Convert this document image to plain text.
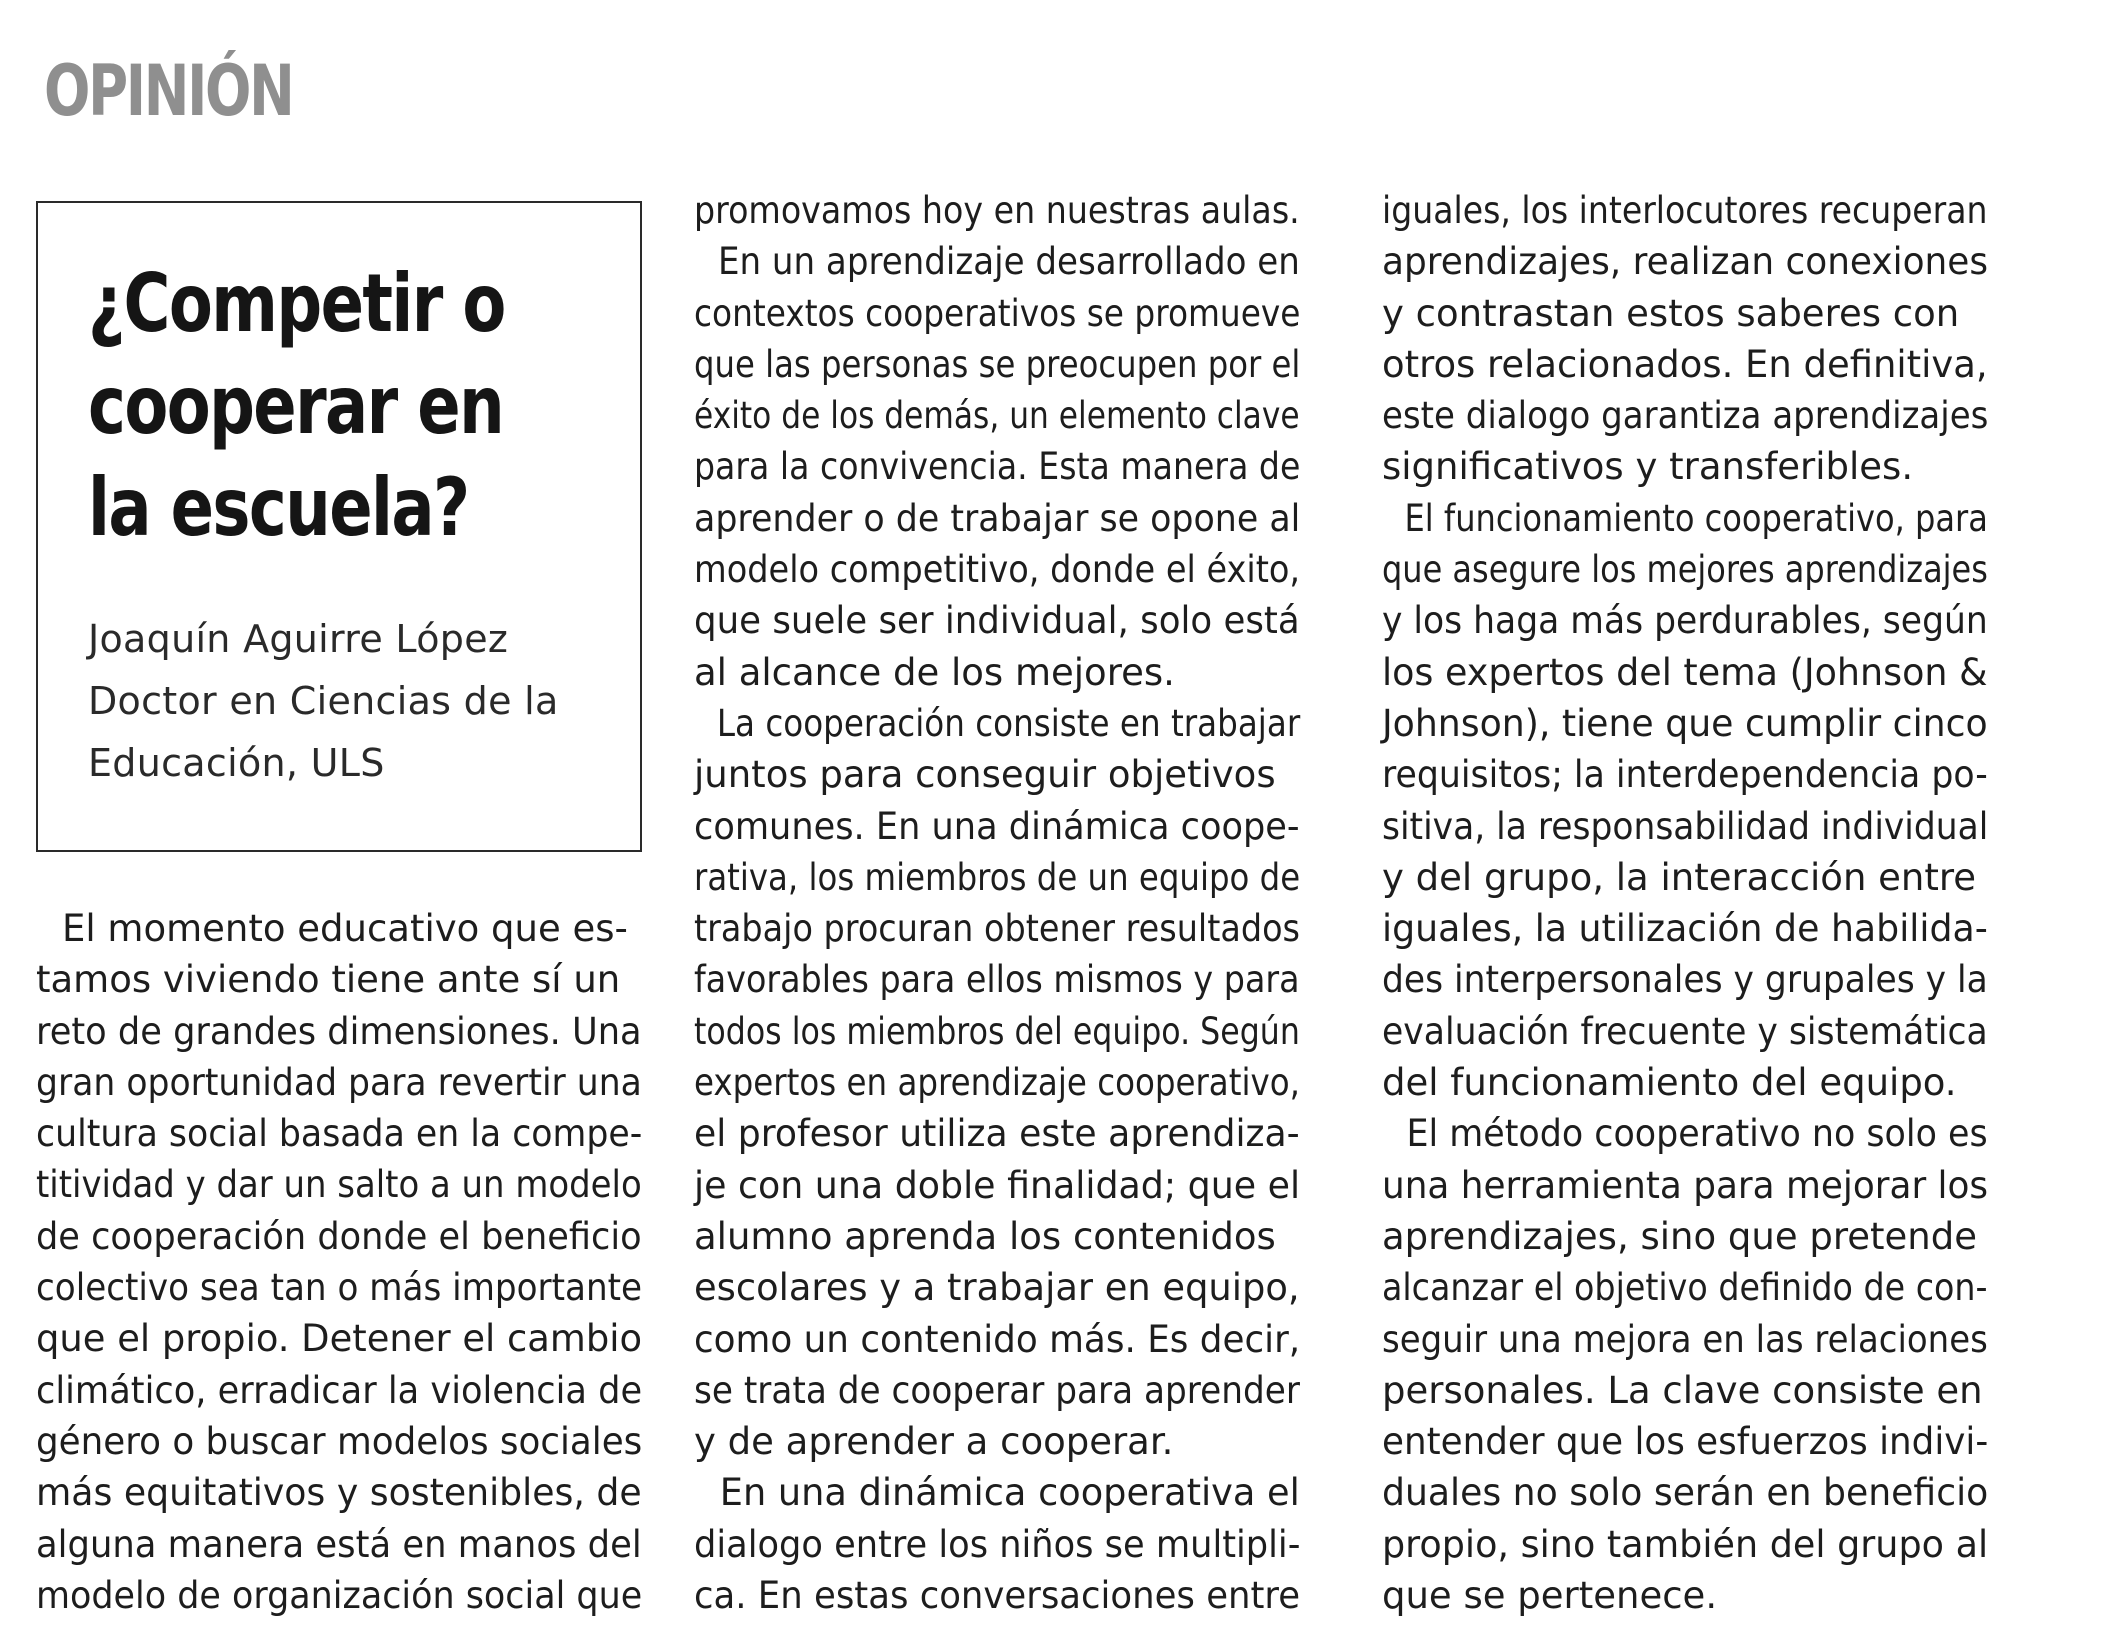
OPINIÓN
¿Competir o
cooperar en
la escuela?
Joaquín Aguirre López
Doctor en Ciencias de la
Educación, ULS
El momento educativo que es-
tamos viviendo tiene ante sí un
reto de grandes dimensiones. Una
gran oportunidad para revertir una
cultura social basada en la compe-
titividad y dar un salto a un modelo
de cooperación donde el beneficio
colectivo sea tan o más importante
que el propio. Detener el cambio
climático, erradicar la violencia de
género o buscar modelos sociales
más equitativos y sostenibles, de
alguna manera está en manos del
modelo de organización social que
promovamos hoy en nuestras aulas.
En un aprendizaje desarrollado en
contextos cooperativos se promueve
que las personas se preocupen por el
éxito de los demás, un elemento clave
para la convivencia. Esta manera de
aprender o de trabajar se opone al
modelo competitivo, donde el éxito,
que suele ser individual, solo está
al alcance de los mejores.
La cooperación consiste en trabajar
juntos para conseguir objetivos
comunes. En una dinámica coope-
rativa, los miembros de un equipo de
trabajo procuran obtener resultados
favorables para ellos mismos y para
todos los miembros del equipo. Según
expertos en aprendizaje cooperativo,
el profesor utiliza este aprendiza-
je con una doble finalidad; que el
alumno aprenda los contenidos
escolares y a trabajar en equipo,
como un contenido más. Es decir,
se trata de cooperar para aprender
y de aprender a cooperar.
En una dinámica cooperativa el
dialogo entre los niños se multipli-
ca. En estas conversaciones entre
iguales, los interlocutores recuperan
aprendizajes, realizan conexiones
y contrastan estos saberes con
otros relacionados. En definitiva,
este dialogo garantiza aprendizajes
significativos y transferibles.
El funcionamiento cooperativo, para
que asegure los mejores aprendizajes
y los haga más perdurables, según
los expertos del tema (Johnson &
Johnson), tiene que cumplir cinco
requisitos; la interdependencia po-
sitiva, la responsabilidad individual
y del grupo, la interacción entre
iguales, la utilización de habilida-
des interpersonales y grupales y la
evaluación frecuente y sistemática
del funcionamiento del equipo.
El método cooperativo no solo es
una herramienta para mejorar los
aprendizajes, sino que pretende
alcanzar el objetivo definido de con-
seguir una mejora en las relaciones
personales. La clave consiste en
entender que los esfuerzos indivi-
duales no solo serán en beneficio
propio, sino también del grupo al
que se pertenece.
